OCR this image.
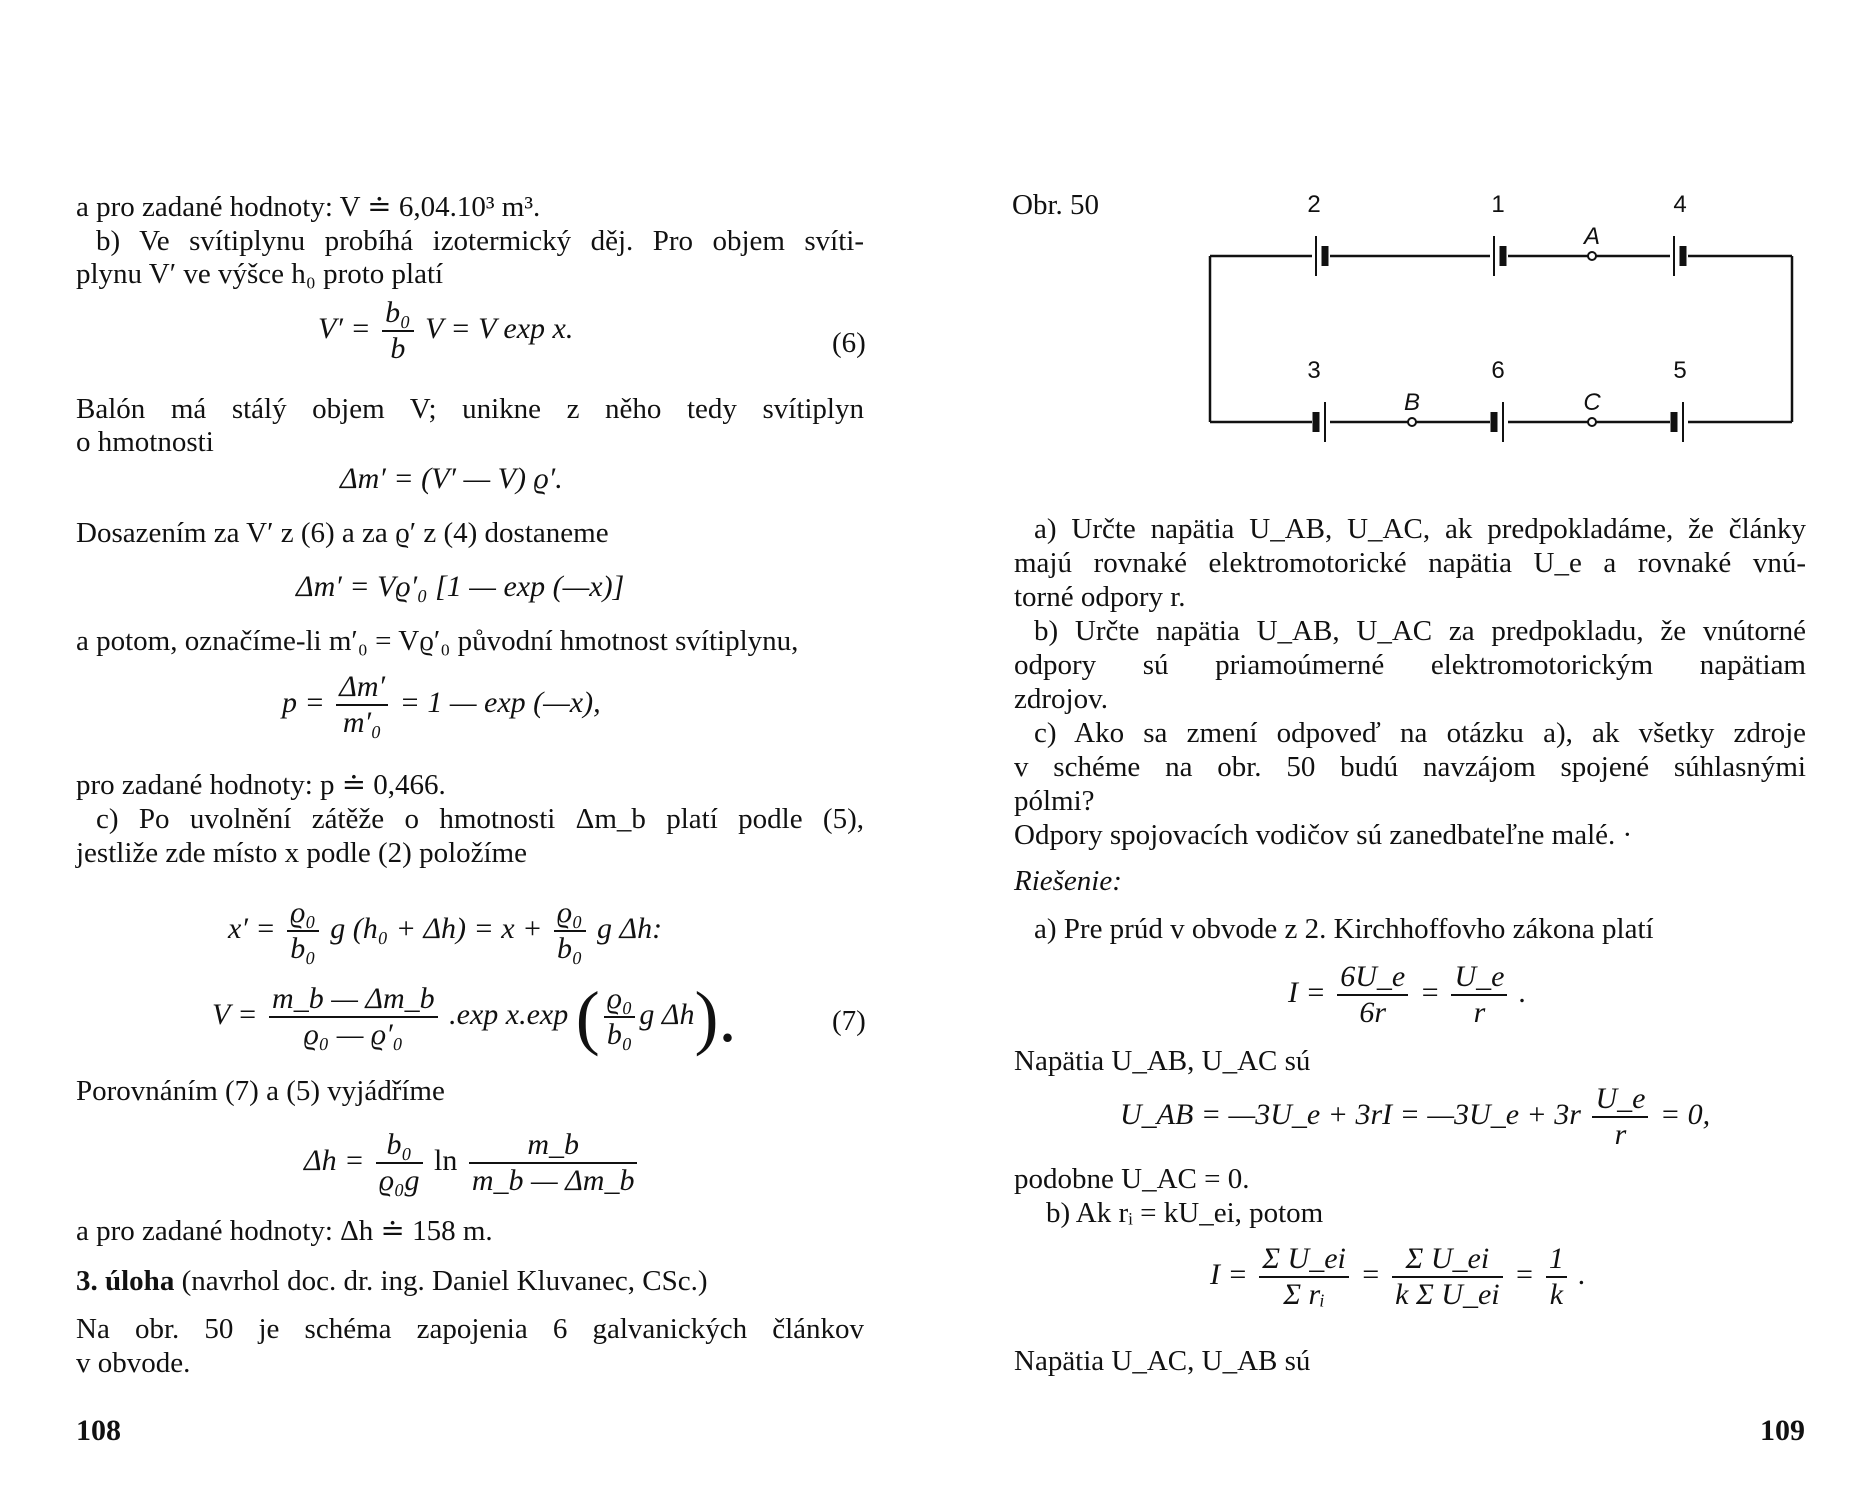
a pro zadané hodnoty: V ≐ 6,04.10³ m³.
b) Ve svítiplynu probíhá izotermický děj. Pro objem svíti-
plynu V′ ve výšce h₀ proto platí
$V' = \frac{\text{b₀}}{b}$ V = V exp x.	(6)
Balón má stálý objem V; unikne z něho tedy svítiplyn
o hmotnosti
Δm′ = (V′ — V) ϱ′.
Dosazením za V′ z (6) a za ϱ′ z (4) dostaneme
Δm′ = Vϱ′₀ [1 — exp (—x)]
a potom, označíme-li m′₀ = Vϱ′₀ původní hmotnost svítiplynu,
$p = \frac{\Delta m'}{\text{m′₀}} = 1$ — exp (—x),
pro zadané hodnoty: p ≐ 0,466.
c) Po uvolnění zátěže o hmotnosti Δm_b platí podle (5),
jestliže zde místo x podle (2) položíme
$x' = \frac{\text{ϱ₀}}{\text{b₀}}$ g $(h_0 + \Delta h) = x + \frac{\text{ϱ₀}}{\text{b₀}}$ g Δh:
$V = \frac{m\_b — \Delta m\_b}{\text{ϱ₀ — ϱ′₀}} .\exp$ x.exp ( $\frac{\text{ϱ₀}}{\text{b₀}}$ g Δh).	(7)
Porovnáním (7) a (5) vyjádříme
$\Delta h = \frac{\text{b₀}}{\text{ϱ₀g}}$ $\ln \frac{m\_b}{m\_b — \Delta m\_b}$
a pro zadané hodnoty: Δh ≐ 158 m.
3. úloha (navrhol doc. dr. ing. Daniel Kluvanec, CSc.)
Na obr. 50 je schéma zapojenia 6 galvanických článkov
v obvode.
108
Obr. 50	2	1	4
3	6	5
A
B	C
a) Určte napätia U_AB, U_AC, ak predpokladáme, že články
majú rovnaké elektromotorické napätia U_e a rovnaké vnú-
torné odpory r.
b) Určte napätia U_AB, U_AC za predpokladu, že vnútorné
odpory sú priamoúmerné elektromotorickým napätiam
zdrojov.
c) Ako sa zmení odpoveď na otázku a), ak všetky zdroje
v schéme na obr. 50 budú navzájom spojené súhlasnými
pólmi?
Odpory spojovacích vodičov sú zanedbateľne malé. ·
Riešenie:
a) Pre prúd v obvode z 2. Kirchhoffovho zákona platí
$I = \frac{6U\_e}{6r} = \frac{U\_e}{r}$ .
Napätia U_AB, U_AC sú
U_AB = —3U_e + 3rI = —3U_e + $3r \frac{U\_e}{r} = 0$,
podobne U_AC = 0.
b) Ak rᵢ = kU_ei, potom
$I = \frac{\text{Σ U\_ei}}{\text{Σ rᵢ}} = \frac{\text{Σ U\_ei}}{\text{k Σ U\_ei}} = \frac{1}{k}$ .
Napätia U_AC, U_AB sú
109
